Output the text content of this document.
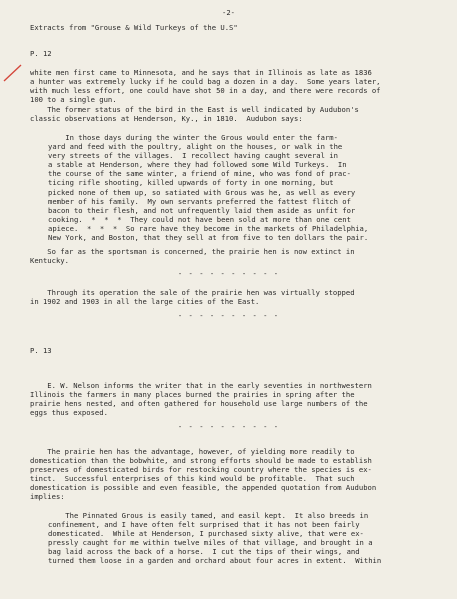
-2-
Extracts from "Grouse & Wild Turkeys of the U.S"
P. 12
white men first came to Minnesota, and he says that in Illinois as late as 1836
a hunter was extremely lucky if he could bag a dozen in a day.  Some years later,
with much less effort, one could have shot 50 in a day, and there were records of
100 to a single gun.
The former status of the bird in the East is well indicated by Audubon's
classic observations at Henderson, Ky., in 1810.  Audubon says:
In those days during the winter the Grous would enter the farm-
yard and feed with the poultry, alight on the houses, or walk in the
very streets of the villages.  I recollect having caught several in
a stable at Henderson, where they had followed some Wild Turkeys.  In
the course of the same winter, a friend of mine, who was fond of prac-
ticing rifle shooting, killed upwards of forty in one morning, but
picked none of them up, so satiated with Grous was he, as well as every
member of his family.  My own servants preferred the fattest flitch of
bacon to their flesh, and not unfrequently laid them aside as unfit for
cooking.  *  *  *  They could not have been sold at more than one cent
apiece.  *  *  *  So rare have they become in the markets of Philadelphia,
New York, and Boston, that they sell at from five to ten dollars the pair.
So far as the sportsman is concerned, the prairie hen is now extinct in
Kentucky.
- - - - - - - - - -
Through its operation the sale of the prairie hen was virtually stopped
in 1902 and 1903 in all the large cities of the East.
- - - - - - - - - -
P. 13
E. W. Nelson informs the writer that in the early seventies in northwestern
Illinois the farmers in many places burned the prairies in spring after the
prairie hens nested, and often gathered for household use large numbers of the
eggs thus exposed.
- - - - - - - - - -
The prairie hen has the advantage, however, of yielding more readily to
domestication than the bobwhite, and strong efforts should be made to establish
preserves of domesticated birds for restocking country where the species is ex-
tinct.  Successful enterprises of this kind would be profitable.  That such
domestication is possible and even feasible, the appended quotation from Audubon
implies:
The Pinnated Grous is easily tamed, and easil kept.  It also breeds in
confinement, and I have often felt surprised that it has not been fairly
domesticated.  While at Henderson, I purchased sixty alive, that were ex-
pressly caught for me within twelve miles of that village, and brought in a
bag laid across the back of a horse.  I cut the tips of their wings, and
turned them loose in a garden and orchard about four acres in extent.  Within
